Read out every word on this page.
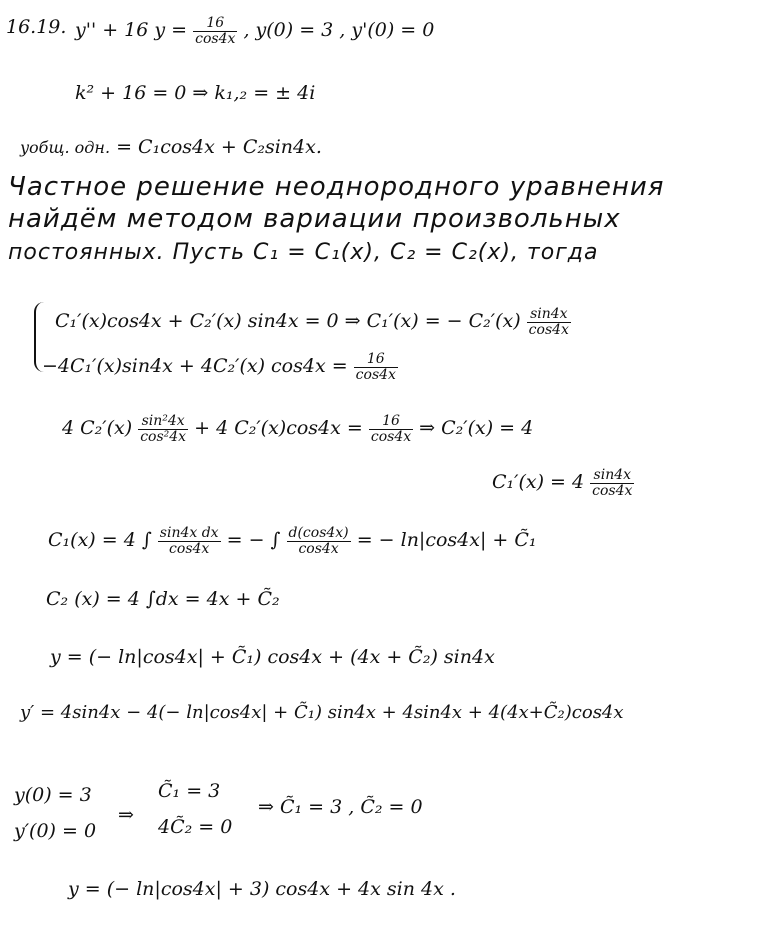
16.19. y'' + 16 $y = \frac{16}{\cos 4x}$ , y(0) = 3 , y'(0) = 0
k² + 16 = 0 ⇒ k₁,₂ = ± 4i
yобщ. одн. = C₁cos4x + C₂sin4x.
Частное решение неоднородного уравнения
найдём методом вариации произвольных
постоянных. Пусть C₁ = C₁(x), C₂ = C₂(x), тогда
C₁′(x)cos4x + C₂′(x) sin4x = 0 ⇒ C₁′(x) = − $C_2'(x) \frac{\sin 4x}{\cos 4x}$
−4C₁′(x)sin4x + 4C₂′(x) $\cos 4x = \frac{16}{\cos 4x}$
4 $C_2'(x) \frac{\text{sin²4x}}{\text{cos²4x}} + 4$ $C_2'(x)\cos 4x = \frac{16}{\cos 4x}$ ⇒ C₂′(x) = 4
$C_1'(x) = 4 \frac{\sin 4x}{\cos 4x}$
C₁(x) = 4 ∫ $\frac{\text{sin4x dx}}{\cos 4x}$ = − ∫ $\frac{d(\cos 4x)}{\cos 4x}$ = − ln|cos4x| + C̃₁
C₂ (x) = 4 ∫dx = 4x + C̃₂
y = (− ln|cos4x| + C̃₁) cos4x + (4x + C̃₂) sin4x
y′ = 4sin4x − 4(− ln|cos4x| + C̃₁) sin4x + 4sin4x + 4(4x+C̃₂)cos4x
y(0) = 3
y′(0) = 0
⇒
C̃₁ = 3
4C̃₂ = 0
⇒ C̃₁ = 3 , C̃₂ = 0
y = (− ln|cos4x| + 3) cos4x + 4x sin 4x .
